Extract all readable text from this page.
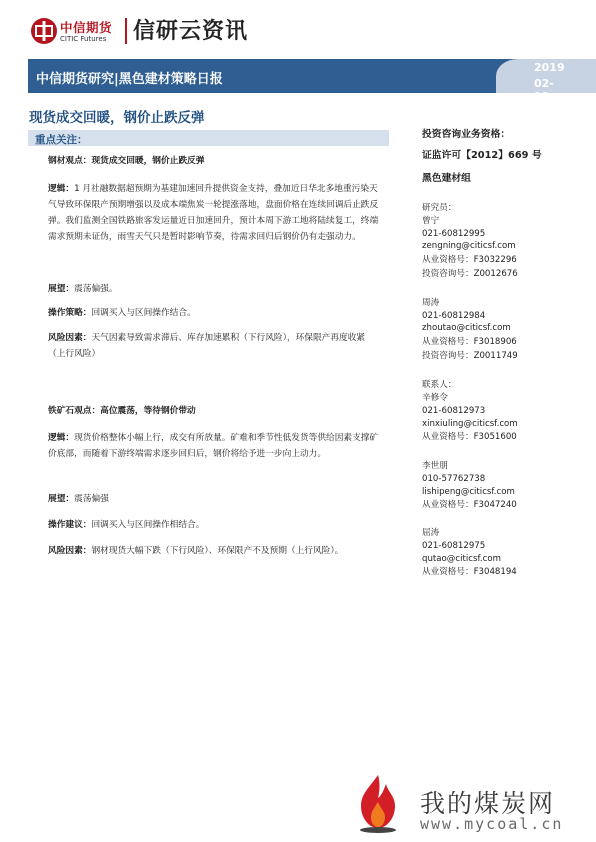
中信期货
CITIC Futures 信研云资讯
中信期货研究|黑色建材策略日报
2019
02-19
现货成交回暖，钢价止跌反弹
重点关注：
钢材观点：现货成交回暖，钢价止跌反弹
逻辑：1 月社融数据超预期为基建加速回升提供资金支持，叠加近日华北多地重污染天气导致环保限产预期增强以及成本端焦炭一轮提涨落地，盘面价格在连续回调后止跌反弹。我们监测全国铁路旅客发运量近日加速回升，预计本周下游工地将陆续复工，终端需求预期未证伪，雨雪天气只是暂时影响节奏，待需求回归后钢价仍有走强动力。
展望：震荡偏强。
操作策略：回调买入与区间操作结合。
风险因素：天气因素导致需求滞后、库存加速累积（下行风险），环保限产再度收紧（上行风险）
铁矿石观点：高位震荡，等待钢价带动
逻辑：现货价格整体小幅上行，成交有所放量。矿难和季节性低发货等供给因素支撑矿价底部，而随着下游终端需求逐步回归后，钢价将给予进一步向上动力。
展望：震荡偏强
操作建议：回调买入与区间操作相结合。
风险因素：钢材现货大幅下跌（下行风险）、环保限产不及预期（上行风险）。
投资咨询业务资格：
证监许可【2012】669 号
黑色建材组
研究员：
曾宁
021-60812995
zengning@citicsf.com
从业资格号：F3032296
投资咨询号：Z0012676
周涛
021-60812984
zhoutao@citicsf.com
从业资格号：F3018906
投资咨询号：Z0011749
联系人：
辛修令
021-60812973
xinxiuling@citicsf.com
从业资格号：F3051600
李世朋
010-57762738
lishipeng@citicsf.com
从业资格号：F3047240
屈涛
021-60812975
qutao@citicsf.com
从业资格号：F3048194
我的煤炭网
www.mycoal.cn
